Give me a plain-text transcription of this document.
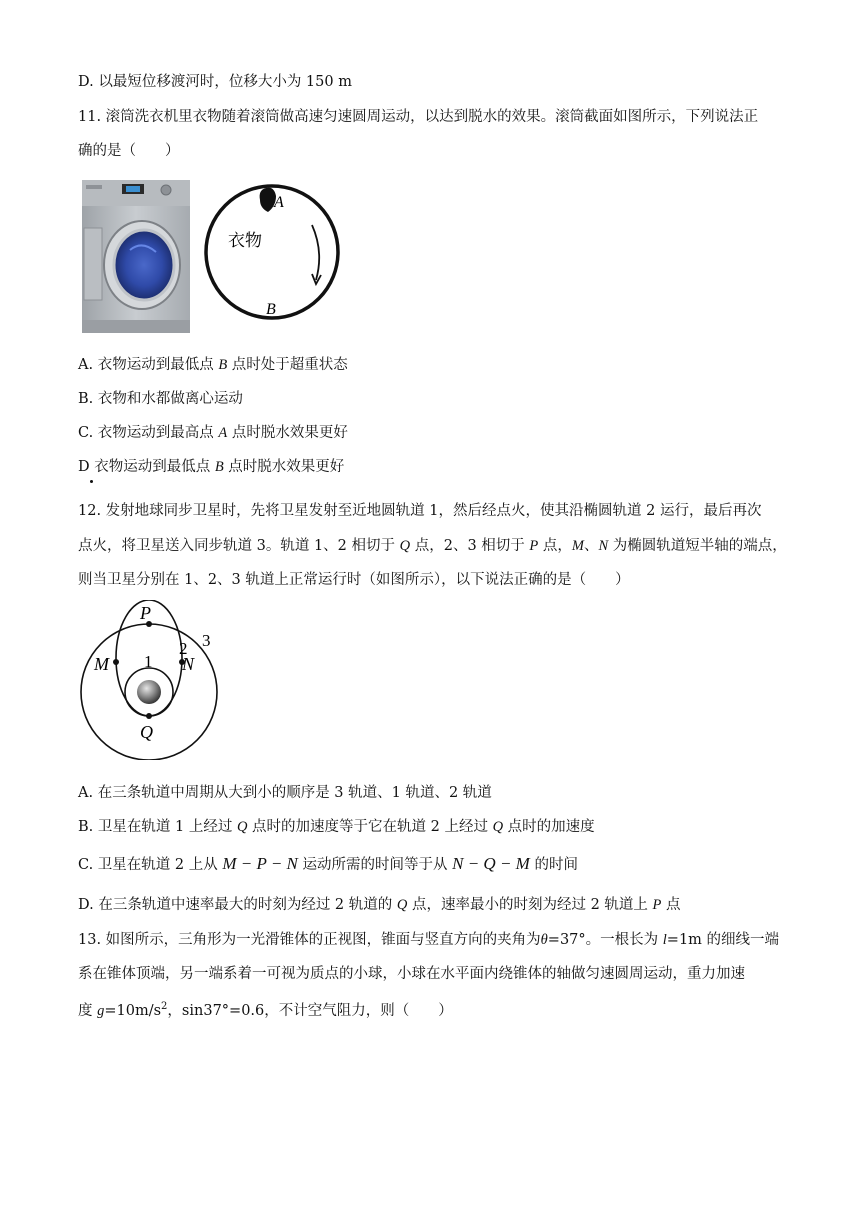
D. 以最短位移渡河时，位移大小为 150 m
11. 滚筒洗衣机里衣物随着滚筒做高速匀速圆周运动，以达到脱水的效果。滚筒截面如图所示，下列说法正
确的是（　　）
A
衣物
B
A. 衣物运动到最低点 B 点时处于超重状态
B. 衣物和水都做离心运动
C. 衣物运动到最高点 A 点时脱水效果更好
D 衣物运动到最低点 B 点时脱水效果更好
12. 发射地球同步卫星时，先将卫星发射至近地圆轨道 1，然后经点火，使其沿椭圆轨道 2 运行，最后再次
点火，将卫星送入同步轨道 3。轨道 1、2 相切于 Q 点，2、3 相切于 P 点，M、N 为椭圆轨道短半轴的端点，
则当卫星分别在 1、2、3 轨道上正常运行时（如图所示），以下说法正确的是（　　）
P
Q
M	N
1
2 3
A. 在三条轨道中周期从大到小的顺序是 3 轨道、1 轨道、2 轨道
B. 卫星在轨道 1 上经过 Q 点时的加速度等于它在轨道 2 上经过 Q 点时的加速度
C. 卫星在轨道 2 上从 M − P − N 运动所需的时间等于从 N − Q − M 的时间
D. 在三条轨道中速率最大的时刻为经过 2 轨道的 Q 点，速率最小的时刻为经过 2 轨道上 P 点
13. 如图所示，三角形为一光滑锥体的正视图，锥面与竖直方向的夹角为θ=37°。一根长为 l=1m 的细线一端
系在锥体顶端，另一端系着一可视为质点的小球，小球在水平面内绕锥体的轴做匀速圆周运动，重力加速
度 $g=10m/s^2$，sin37°=0.6，不计空气阻力，则（　　）
